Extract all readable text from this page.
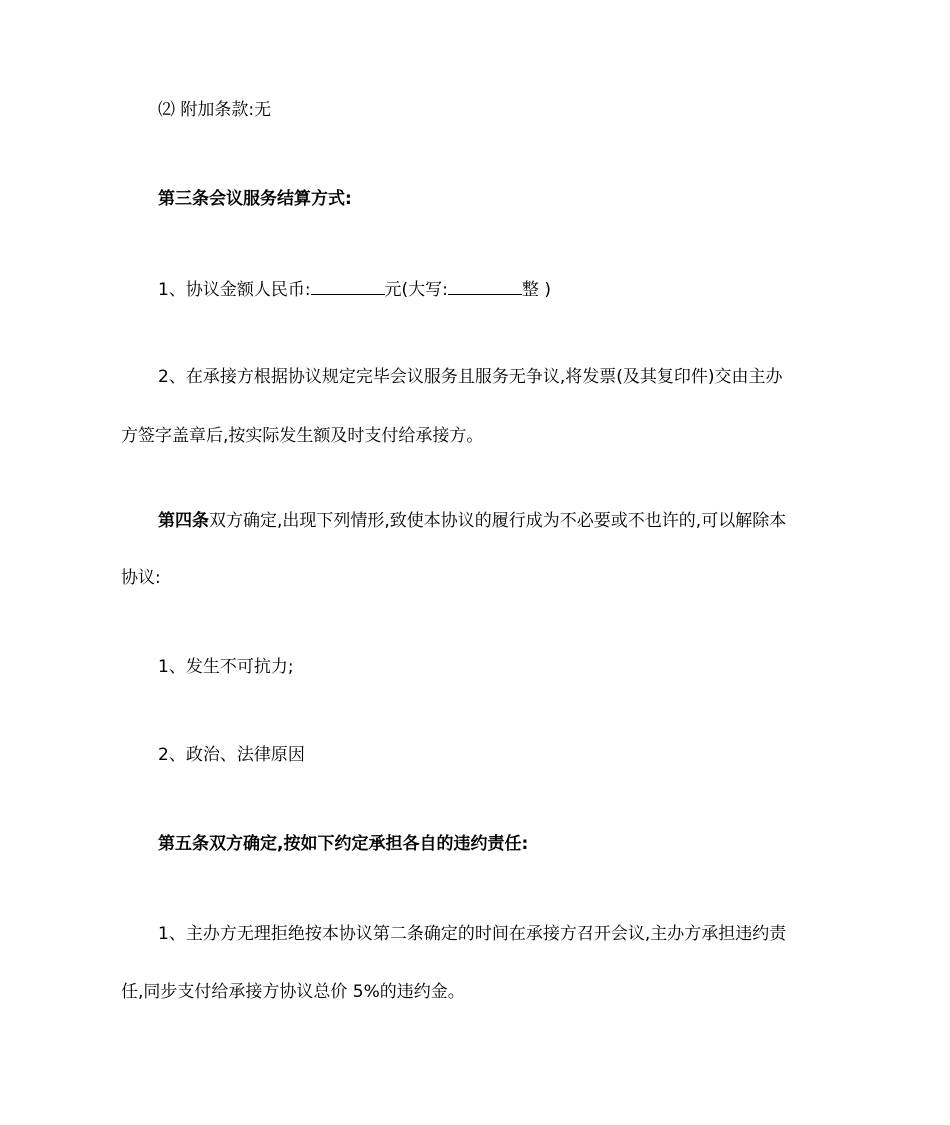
⑵ 附加条款:无
第三条会议服务结算方式:
1、协议金额人民币:	元(大写:	整 )
2、在承接方根据协议规定完毕会议服务且服务无争议,将发票(及其复印件)交由主办
方签字盖章后,按实际发生额及时支付给承接方。
第四条双方确定,出现下列情形,致使本协议的履行成为不必要或不也许的,可以解除本
协议:
1、发生不可抗力;
2、政治、法律原因
第五条双方确定,按如下约定承担各自的违约责任:
1、主办方无理拒绝按本协议第二条确定的时间在承接方召开会议,主办方承担违约责
任,同步支付给承接方协议总价 5%的违约金。
